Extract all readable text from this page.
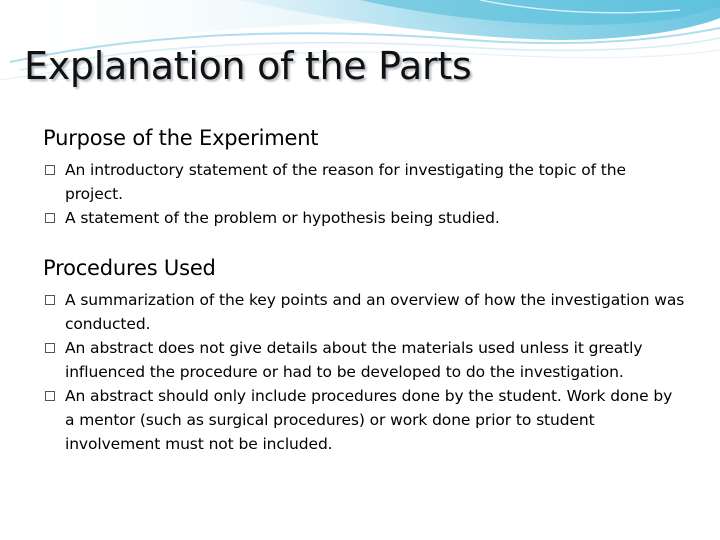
Explanation of the Parts
Purpose of the Experiment
An introductory statement of the reason for investigating the topic of the project.
A statement of the problem or hypothesis being studied.
Procedures Used
A summarization of the key points and an overview of how the investigation was conducted.
An abstract does not give details about the materials used unless it greatly influenced the procedure or had to be developed to do the investigation.
An abstract should only include procedures done by the student. Work done by a mentor (such as surgical procedures) or work done prior to student involvement must not be included.
